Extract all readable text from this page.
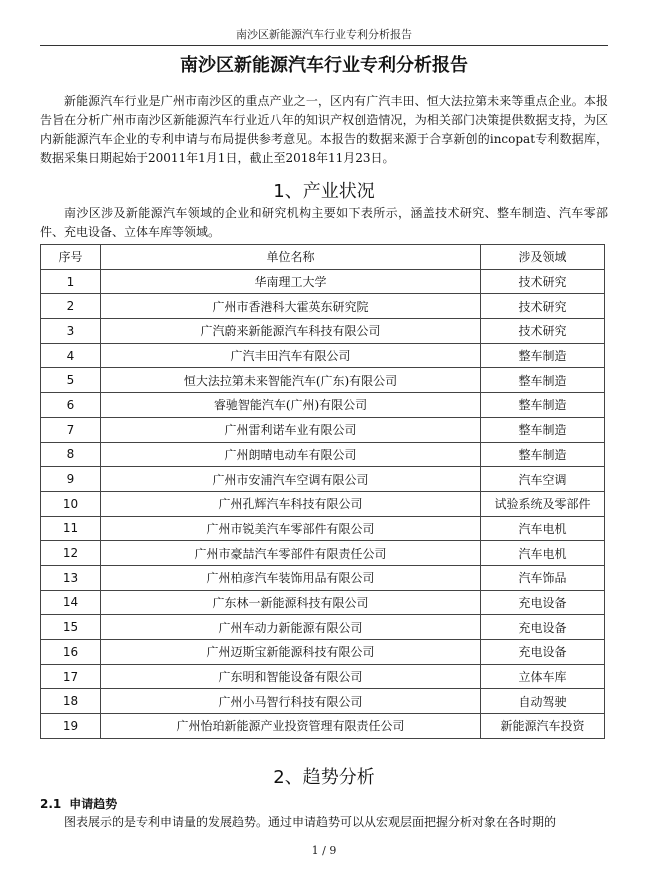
南沙区新能源汽车行业专利分析报告
南沙区新能源汽车行业专利分析报告

新能源汽车行业是广州市南沙区的重点产业之一，区内有广汽丰田、恒大法拉第未来等重点企业。本报告旨在分析广州市南沙区新能源汽车行业近八年的知识产权创造情况，为相关部门决策提供数据支持，为区内新能源汽车企业的专利申请与布局提供参考意见。本报告的数据来源于合享新创的incopat专利数据库，数据采集日期起始于20011年1月1日，截止至2018年11月23日。

1、产业状况

南沙区涉及新能源汽车领域的企业和研究机构主要如下表所示，涵盖技术研究、整车制造、汽车零部件、充电设备、立体车库等领域。

序号	单位名称	涉及领域
1	华南理工大学	技术研究
2	广州市香港科大霍英东研究院	技术研究
3	广汽蔚来新能源汽车科技有限公司	技术研究
4	广汽丰田汽车有限公司	整车制造
5	恒大法拉第未来智能汽车(广东)有限公司	整车制造
6	睿驰智能汽车(广州)有限公司	整车制造
7	广州雷利诺车业有限公司	整车制造
8	广州朗晴电动车有限公司	整车制造
9	广州市安浦汽车空调有限公司	汽车空调
10	广州孔辉汽车科技有限公司	试验系统及零部件
11	广州市锐美汽车零部件有限公司	汽车电机
12	广州市豪喆汽车零部件有限责任公司	汽车电机
13	广州柏彦汽车装饰用品有限公司	汽车饰品
14	广东林一新能源科技有限公司	充电设备
15	广州车动力新能源有限公司	充电设备
16	广州迈斯宝新能源科技有限公司	充电设备
17	广东明和智能设备有限公司	立体车库
18	广州小马智行科技有限公司	自动驾驶
19	广州怡珀新能源产业投资管理有限责任公司	新能源汽车投资
2、趋势分析
2.1 申请趋势

图表展示的是专利申请量的发展趋势。通过申请趋势可以从宏观层面把握分析对象在各时期的

1 / 9
